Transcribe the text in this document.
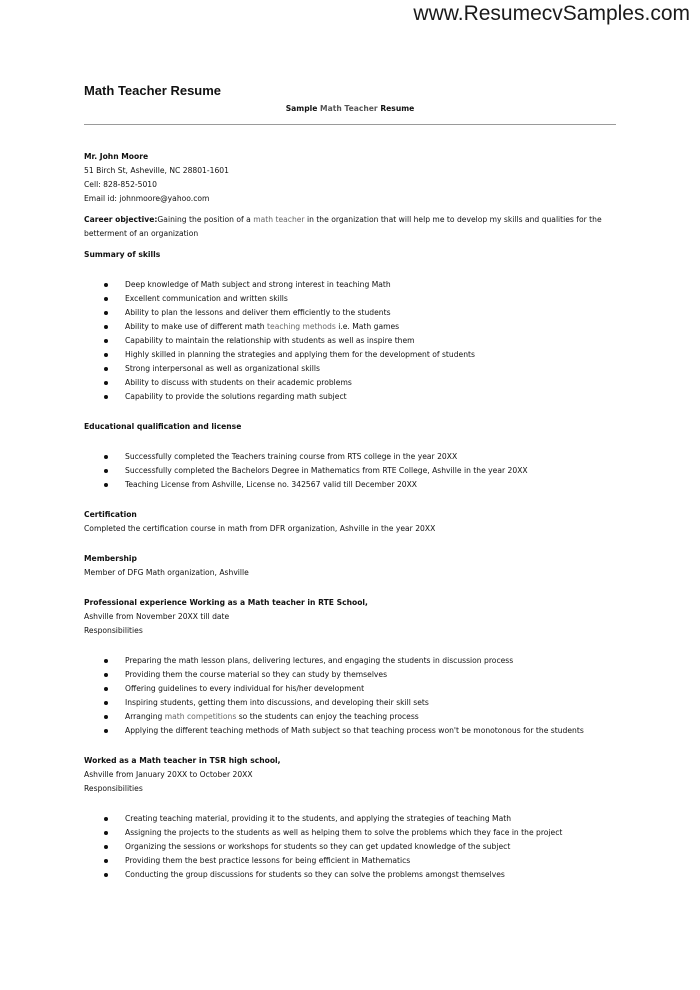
www.ResumecvSamples.com
Math Teacher Resume
Sample Math Teacher Resume
Mr. John Moore
51 Birch St, Asheville, NC 28801-1601
Cell: 828-852-5010
Email id: johnmoore@yahoo.com
Career objective:Gaining the position of a math teacher in the organization that will help me to develop my skills and qualities for the
betterment of an organization
Summary of skills
Deep knowledge of Math subject and strong interest in teaching Math
Excellent communication and written skills
Ability to plan the lessons and deliver them efficiently to the students
Ability to make use of different math teaching methods i.e. Math games
Capability to maintain the relationship with students as well as inspire them
Highly skilled in planning the strategies and applying them for the development of students
Strong interpersonal as well as organizational skills
Ability to discuss with students on their academic problems
Capability to provide the solutions regarding math subject
Educational qualification and license
Successfully completed the Teachers training course from RTS college in the year 20XX
Successfully completed the Bachelors Degree in Mathematics from RTE College, Ashville in the year 20XX
Teaching License from Ashville, License no. 342567 valid till December 20XX
Certification
Completed the certification course in math from DFR organization, Ashville in the year 20XX
Membership
Member of DFG Math organization, Ashville
Professional experience Working as a Math teacher in RTE School,
Ashville from November 20XX till date
Responsibilities
Preparing the math lesson plans, delivering lectures, and engaging the students in discussion process
Providing them the course material so they can study by themselves
Offering guidelines to every individual for his/her development
Inspiring students, getting them into discussions, and developing their skill sets
Arranging math competitions so the students can enjoy the teaching process
Applying the different teaching methods of Math subject so that teaching process won't be monotonous for the students
Worked as a Math teacher in TSR high school,
Ashville from January 20XX to October 20XX
Responsibilities
Creating teaching material, providing it to the students, and applying the strategies of teaching Math
Assigning the projects to the students as well as helping them to solve the problems which they face in the project
Organizing the sessions or workshops for students so they can get updated knowledge of the subject
Providing them the best practice lessons for being efficient in Mathematics
Conducting the group discussions for students so they can solve the problems amongst themselves
